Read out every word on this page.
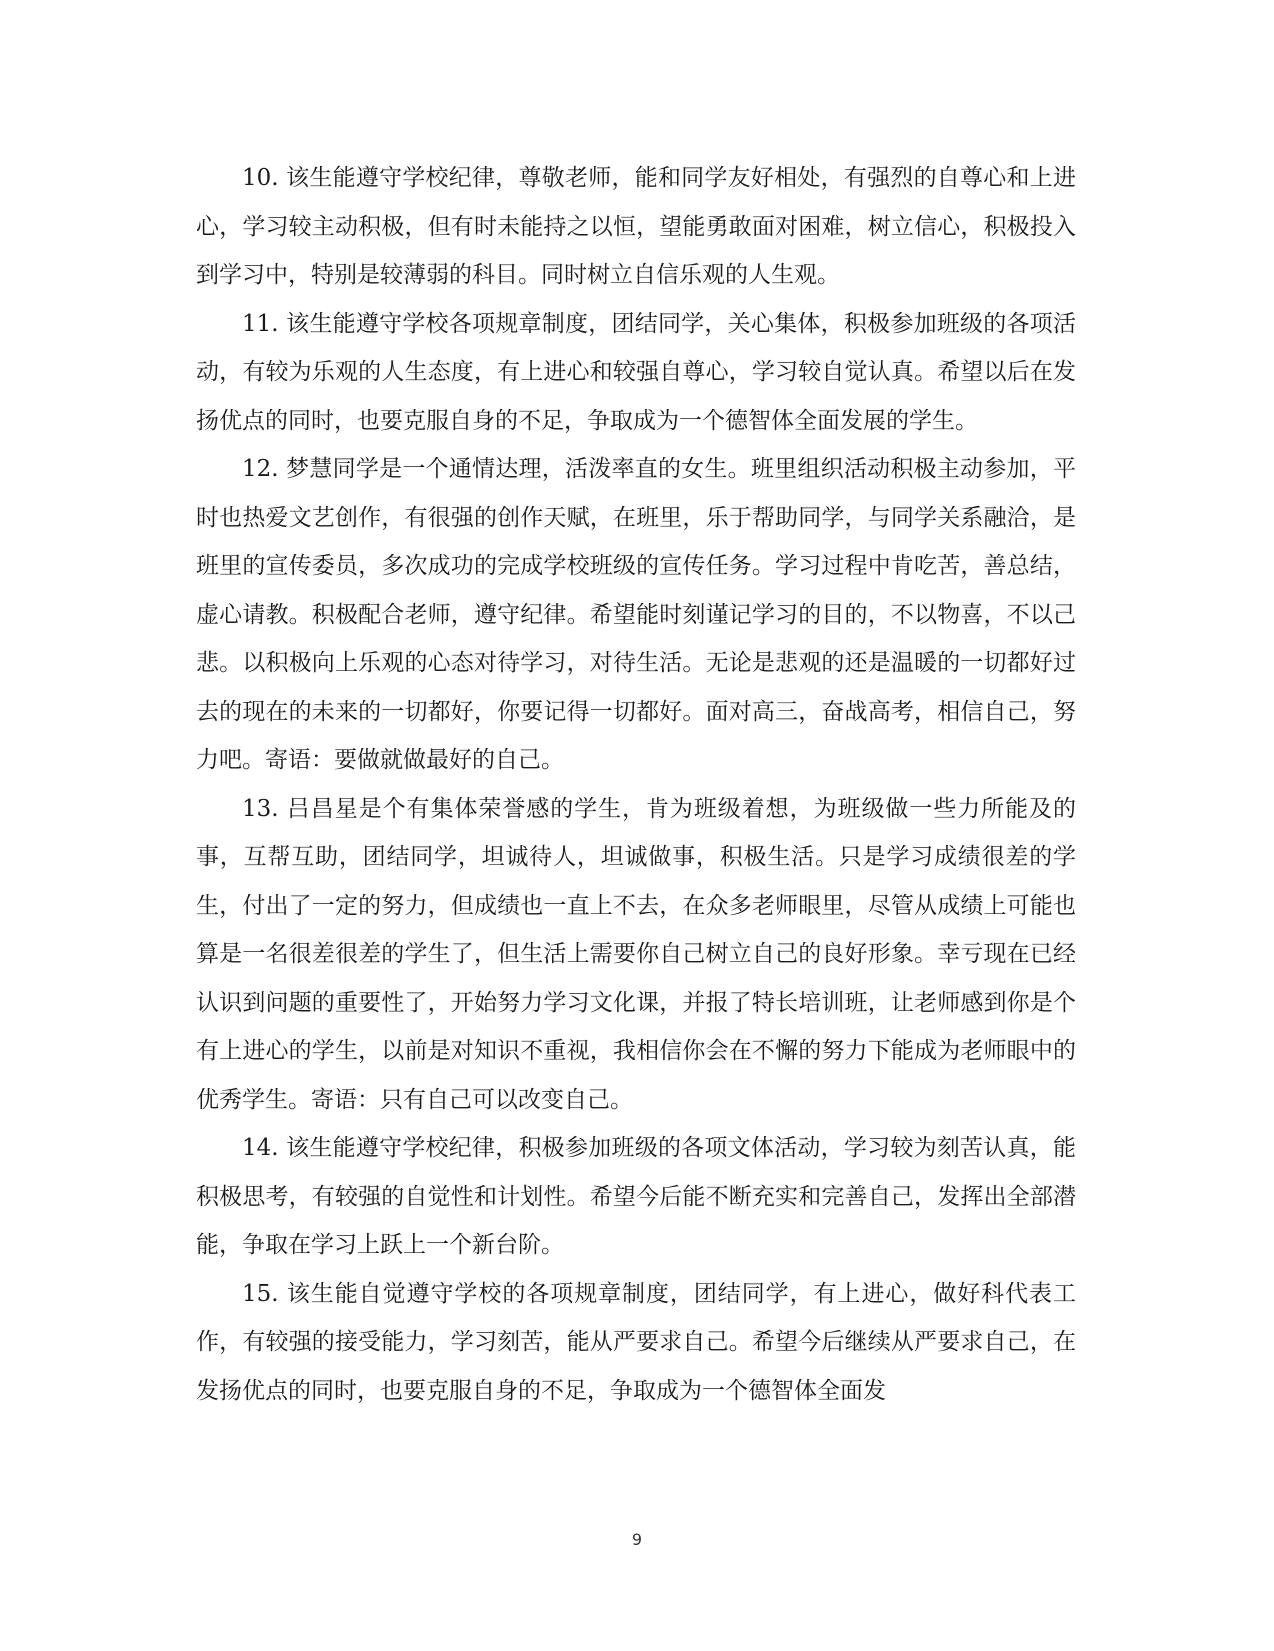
10. 该生能遵守学校纪律，尊敬老师，能和同学友好相处，有强烈的自尊心和上进心，学习较主动积极，但有时未能持之以恒，望能勇敢面对困难，树立信心，积极投入到学习中，特别是较薄弱的科目。同时树立自信乐观的人生观。

11. 该生能遵守学校各项规章制度，团结同学，关心集体，积极参加班级的各项活动，有较为乐观的人生态度，有上进心和较强自尊心，学习较自觉认真。希望以后在发扬优点的同时，也要克服自身的不足，争取成为一个德智体全面发展的学生。

12. 梦慧同学是一个通情达理，活泼率直的女生。班里组织活动积极主动参加，平时也热爱文艺创作，有很强的创作天赋，在班里，乐于帮助同学，与同学关系融洽，是班里的宣传委员，多次成功的完成学校班级的宣传任务。学习过程中肯吃苦，善总结，虚心请教。积极配合老师，遵守纪律。希望能时刻谨记学习的目的，不以物喜，不以己悲。以积极向上乐观的心态对待学习，对待生活。无论是悲观的还是温暖的一切都好过去的现在的未来的一切都好，你要记得一切都好。面对高三，奋战高考，相信自己，努力吧。寄语：要做就做最好的自己。

13. 吕昌星是个有集体荣誉感的学生，肯为班级着想，为班级做一些力所能及的事，互帮互助，团结同学，坦诚待人，坦诚做事，积极生活。只是学习成绩很差的学生，付出了一定的努力，但成绩也一直上不去，在众多老师眼里，尽管从成绩上可能也算是一名很差很差的学生了，但生活上需要你自己树立自己的良好形象。幸亏现在已经认识到问题的重要性了，开始努力学习文化课，并报了特长培训班，让老师感到你是个有上进心的学生，以前是对知识不重视，我相信你会在不懈的努力下能成为老师眼中的优秀学生。寄语：只有自己可以改变自己。

14. 该生能遵守学校纪律，积极参加班级的各项文体活动，学习较为刻苦认真，能积极思考，有较强的自觉性和计划性。希望今后能不断充实和完善自己，发挥出全部潜能，争取在学习上跃上一个新台阶。

15. 该生能自觉遵守学校的各项规章制度，团结同学，有上进心，做好科代表工作，有较强的接受能力，学习刻苦，能从严要求自己。希望今后继续从严要求自己，在发扬优点的同时，也要克服自身的不足，争取成为一个德智体全面发

9
